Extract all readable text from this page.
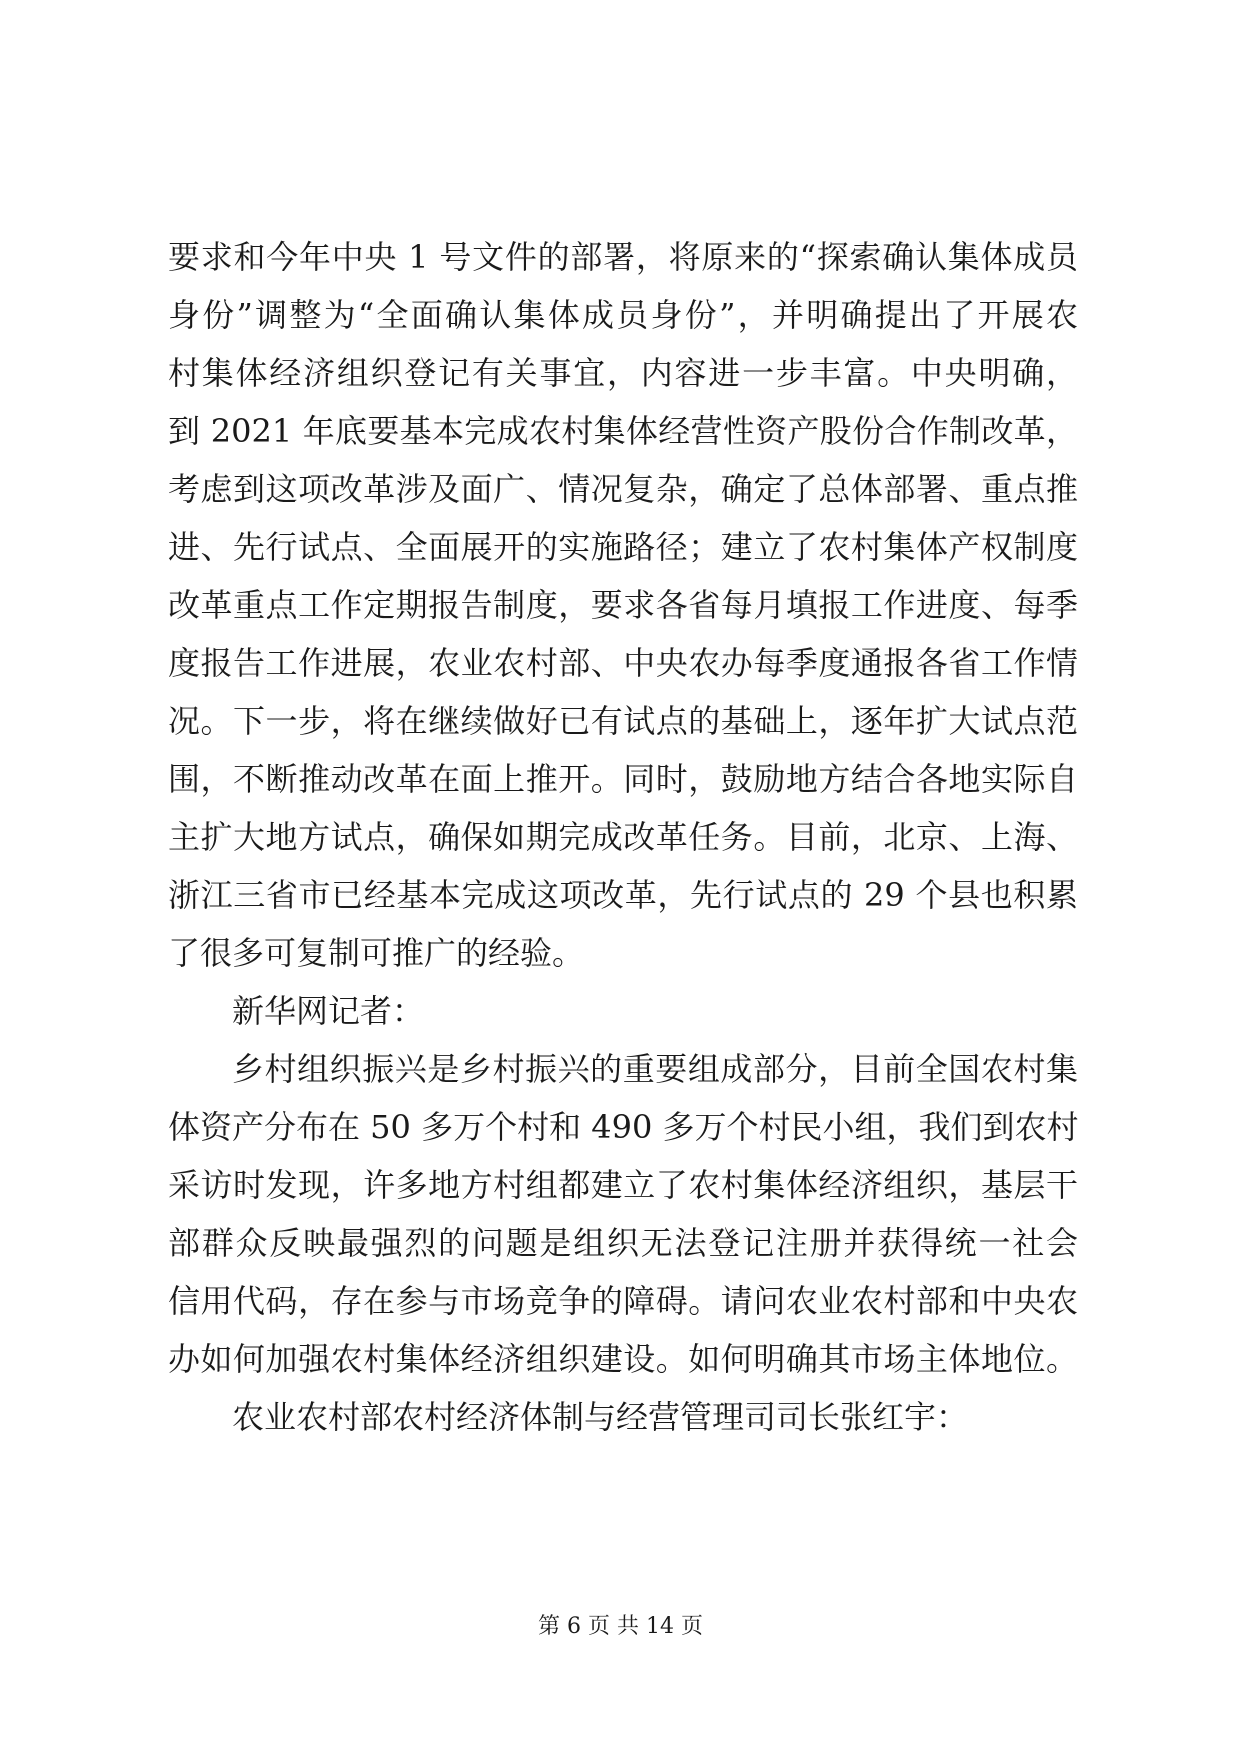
要求和今年中央 1 号文件的部署，将原来的“探索确认集体成员
身份”调整为“全面确认集体成员身份”，并明确提出了开展农
村集体经济组织登记有关事宜，内容进一步丰富。中央明确，
到 2021 年底要基本完成农村集体经营性资产股份合作制改革，
考虑到这项改革涉及面广、情况复杂，确定了总体部署、重点推
进、先行试点、全面展开的实施路径；建立了农村集体产权制度
改革重点工作定期报告制度，要求各省每月填报工作进度、每季
度报告工作进展，农业农村部、中央农办每季度通报各省工作情
况。下一步，将在继续做好已有试点的基础上，逐年扩大试点范
围，不断推动改革在面上推开。同时，鼓励地方结合各地实际自
主扩大地方试点，确保如期完成改革任务。目前，北京、上海、
浙江三省市已经基本完成这项改革，先行试点的 29 个县也积累
了很多可复制可推广的经验。
新华网记者：
乡村组织振兴是乡村振兴的重要组成部分，目前全国农村集
体资产分布在 50 多万个村和 490 多万个村民小组，我们到农村
采访时发现，许多地方村组都建立了农村集体经济组织，基层干
部群众反映最强烈的问题是组织无法登记注册并获得统一社会
信用代码，存在参与市场竞争的障碍。请问农业农村部和中央农
办如何加强农村集体经济组织建设。如何明确其市场主体地位。
农业农村部农村经济体制与经营管理司司长张红宇：
第 6 页 共 14 页
